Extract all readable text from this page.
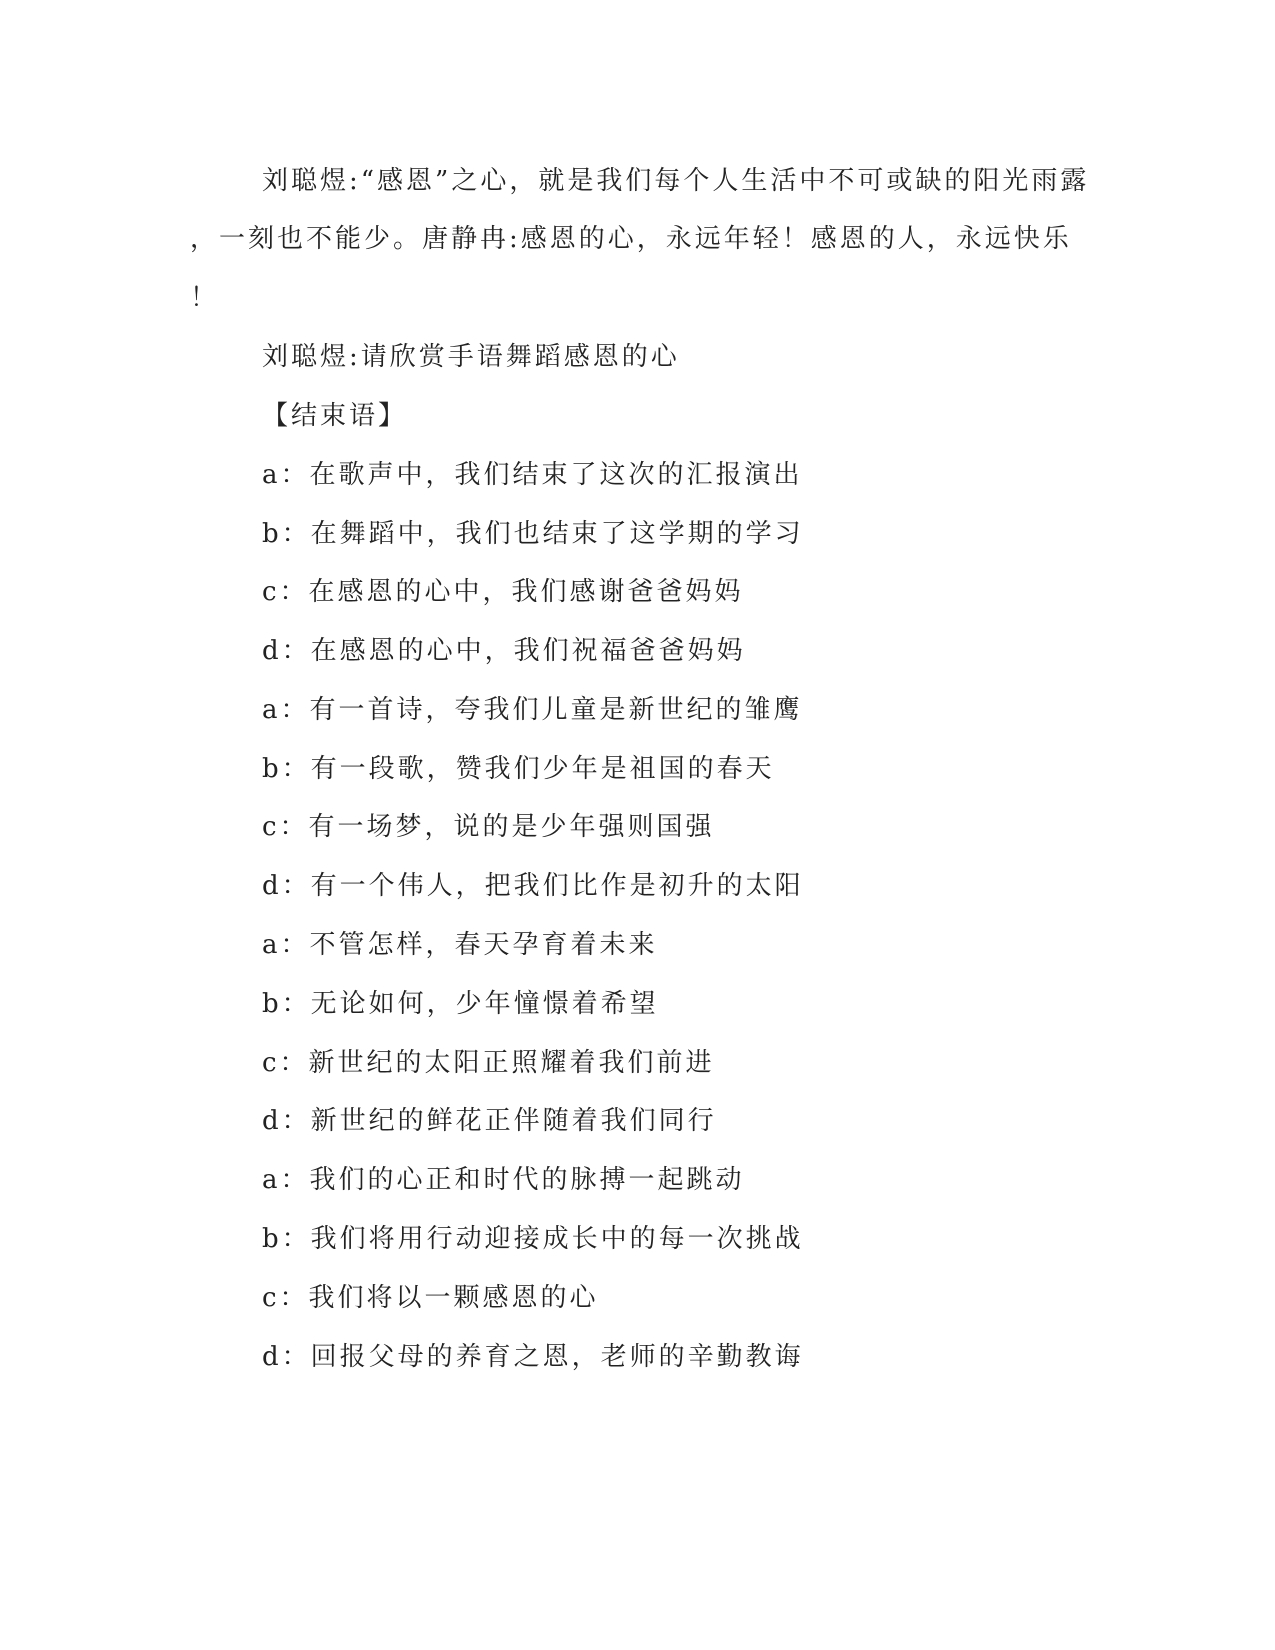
刘聪煜:“感恩”之心，就是我们每个人生活中不可或缺的阳光雨露
，一刻也不能少。唐静冉:感恩的心，永远年轻！感恩的人，永远快乐
！
刘聪煜:请欣赏手语舞蹈感恩的心
【结束语】
a：在歌声中，我们结束了这次的汇报演出
b：在舞蹈中，我们也结束了这学期的学习
c：在感恩的心中，我们感谢爸爸妈妈
d：在感恩的心中，我们祝福爸爸妈妈
a：有一首诗，夸我们儿童是新世纪的雏鹰
b：有一段歌，赞我们少年是祖国的春天
c：有一场梦，说的是少年强则国强
d：有一个伟人，把我们比作是初升的太阳
a：不管怎样，春天孕育着未来
b：无论如何，少年憧憬着希望
c：新世纪的太阳正照耀着我们前进
d：新世纪的鲜花正伴随着我们同行
a：我们的心正和时代的脉搏一起跳动
b：我们将用行动迎接成长中的每一次挑战
c：我们将以一颗感恩的心
d：回报父母的养育之恩，老师的辛勤教诲
